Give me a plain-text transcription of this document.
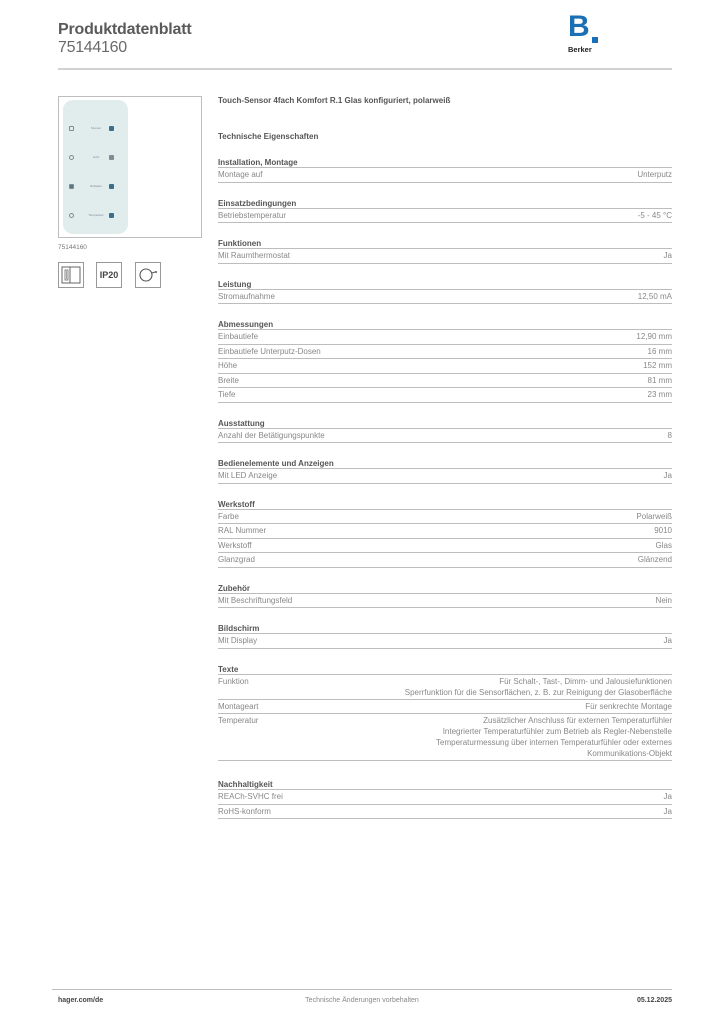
Produktdatenblatt
75144160
B
Berker
Szenen
Licht
Rolladen
Temperatur
75144160
IP20
Touch-Sensor 4fach Komfort R.1 Glas konfiguriert, polarweiß
Technische Eigenschaften
Installation, Montage
Montage auf	Unterputz
Einsatzbedingungen
Betriebstemperatur	-5 - 45 °C
Funktionen
Mit Raumthermostat	Ja
Leistung
Stromaufnahme	12,50 mA
Abmessungen
Einbautiefe	12,90 mm
Einbautiefe Unterputz-Dosen	16 mm
Höhe	152 mm
Breite	81 mm
Tiefe	23 mm
Ausstattung
Anzahl der Betätigungspunkte	8
Bedienelemente und Anzeigen
Mit LED Anzeige	Ja
Werkstoff
Farbe	Polarweiß
RAL Nummer	9010
Werkstoff	Glas
Glanzgrad	Glänzend
Zubehör
Mit Beschriftungsfeld	Nein
Bildschirm
Mit Display	Ja
Texte
Funktion	Für Schalt-, Tast-, Dimm- und Jalousiefunktionen
Sperrfunktion für die Sensorflächen, z. B. zur Reinigung der Glasoberfläche
Montageart	Für senkrechte Montage
Temperatur	Zusätzlicher Anschluss für externen Temperaturfühler
Integrierter Temperaturfühler zum Betrieb als Regler-Nebenstelle
Temperaturmessung über internen Temperaturfühler oder externes
Kommunikations-Objekt
Nachhaltigkeit
REACh-SVHC frei	Ja
RoHS-konform	Ja
hager.com/de	Technische Änderungen vorbehalten	05.12.2025
